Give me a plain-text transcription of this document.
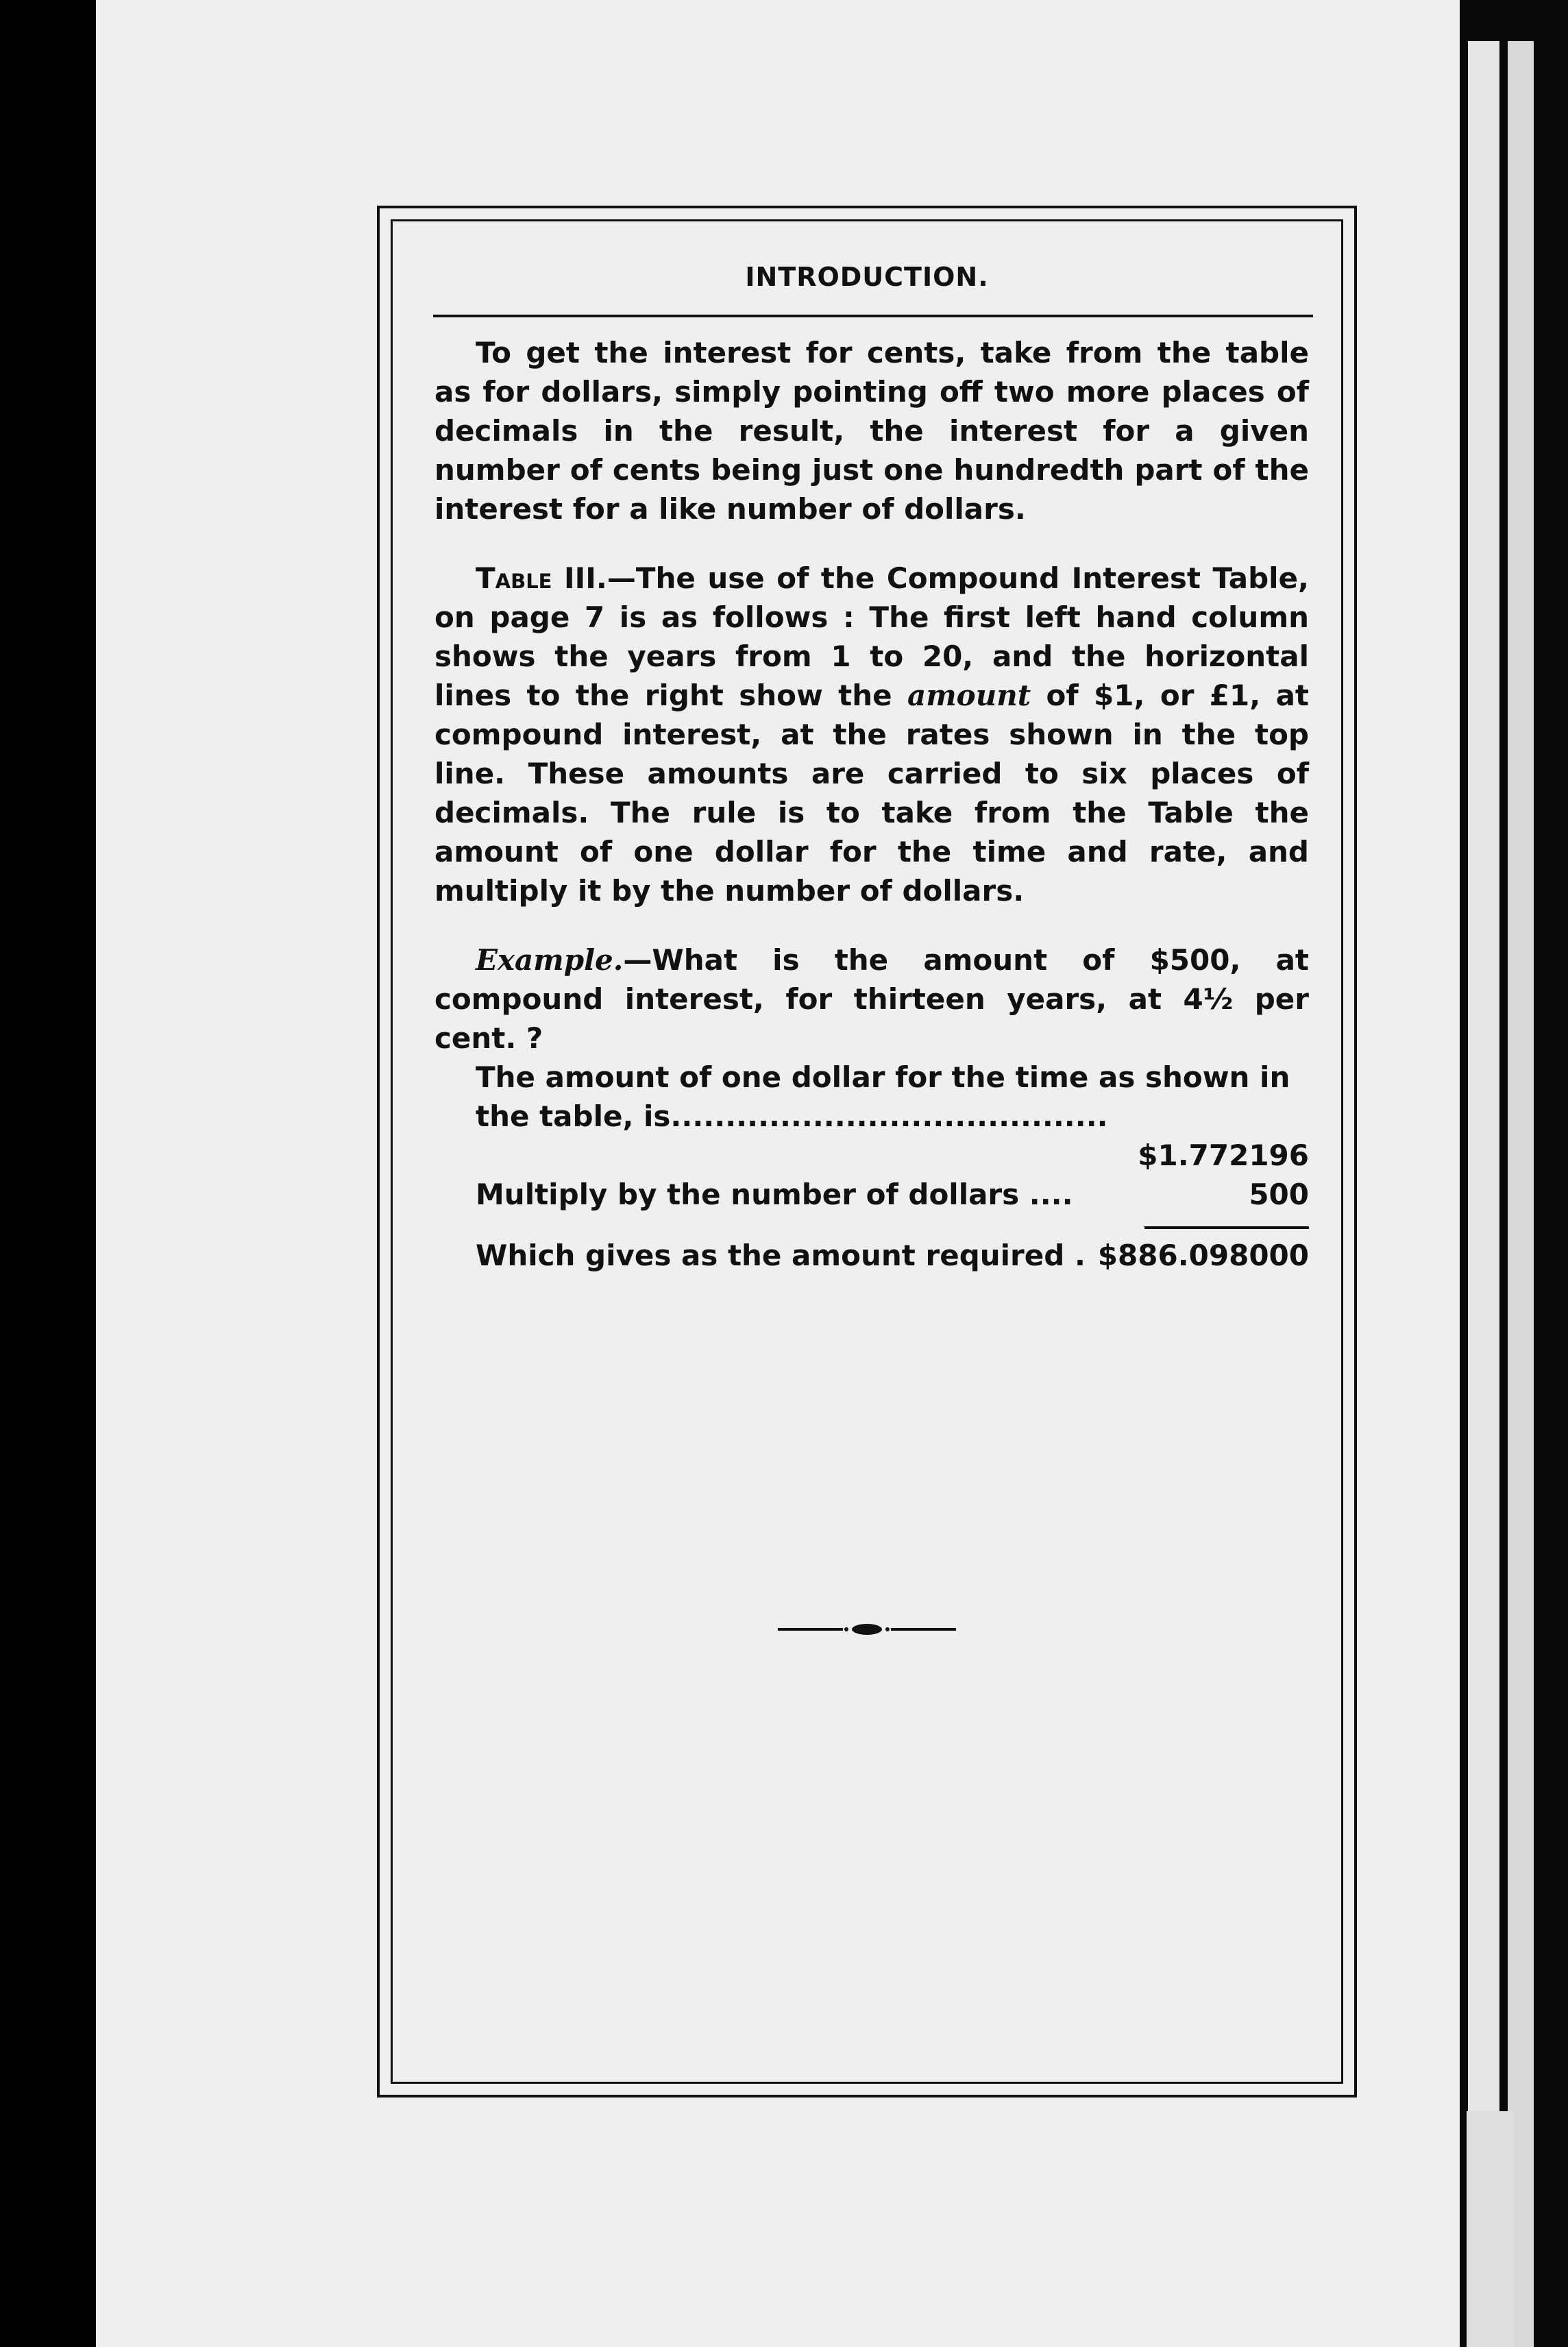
INTRODUCTION.

To get the interest for cents, take from the table as for dollars, simply pointing off two more places of decimals in the result, the interest for a given number of cents being just one hundredth part of the interest for a like number of dollars.

Table III.—The use of the Compound Interest Table, on page 7 is as follows : The first left hand column shows the years from 1 to 20, and the horizontal lines to the right show the amount of $1, or £1, at compound interest, at the rates shown in the top line. These amounts are carried to six places of decimals. The rule is to take from the Table the amount of one dollar for the time and rate, and multiply it by the number of dollars.

Example.—What is the amount of $500, at compound interest, for thirteen years, at 4½ per cent. ?

The amount of one dollar for the time as shown in the table, is........................................
$1.772196
Multiply by the number of dollars ....	500
Which gives as the amount required . $886.098000
